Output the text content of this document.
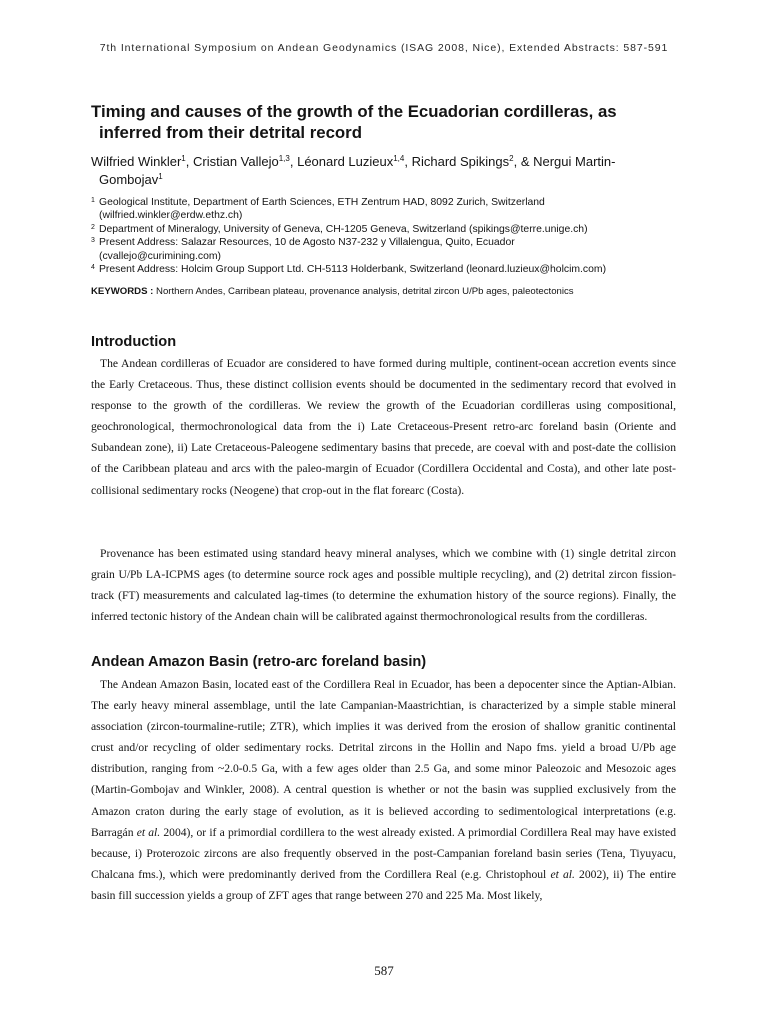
7th International Symposium on Andean Geodynamics (ISAG 2008, Nice), Extended Abstracts: 587-591
Timing and causes of the growth of the Ecuadorian cordilleras, as
inferred from their detrital record
Wilfried Winkler$^1$, Cristian Vallejo$^{1,3}$, Léonard Luzieux$^{1,4}$, Richard Spikings$^2$, & Nergui Martin-
Gombojav$^1$
1 Geological Institute, Department of Earth Sciences, ETH Zentrum HAD, 8092 Zurich, Switzerland
(wilfried.winkler@erdw.ethz.ch)
2 Department of Mineralogy, University of Geneva, CH-1205 Geneva, Switzerland (spikings@terre.unige.ch)
3 Present Address: Salazar Resources, 10 de Agosto N37-232 y Villalengua, Quito, Ecuador
(cvallejo@curimining.com)
4 Present Address: Holcim Group Support Ltd. CH-5113 Holderbank, Switzerland (leonard.luzieux@holcim.com)
KEYWORDS : Northern Andes, Carribean plateau, provenance analysis, detrital zircon U/Pb ages, paleotectonics
Introduction
The Andean cordilleras of Ecuador are considered to have formed during multiple, continent-ocean accretion events since the Early Cretaceous. Thus, these distinct collision events should be documented in the sedimentary record that evolved in response to the growth of the cordilleras. We review the growth of the Ecuadorian cordilleras using compositional, geochronological, thermochronological data from the i) Late Cretaceous-Present retro-arc foreland basin (Oriente and Subandean zone), ii) Late Cretaceous-Paleogene sedimentary basins that precede, are coeval with and post-date the collision of the Caribbean plateau and arcs with the paleo-margin of Ecuador (Cordillera Occidental and Costa), and other late post-collisional sedimentary rocks (Neogene) that crop-out in the flat forearc (Costa).
Provenance has been estimated using standard heavy mineral analyses, which we combine with (1) single detrital zircon grain U/Pb LA-ICPMS ages (to determine source rock ages and possible multiple recycling), and (2) detrital zircon fission-track (FT) measurements and calculated lag-times (to determine the exhumation history of the source regions). Finally, the inferred tectonic history of the Andean chain will be calibrated against thermochronological results from the cordilleras.
Andean Amazon Basin (retro-arc foreland basin)
The Andean Amazon Basin, located east of the Cordillera Real in Ecuador, has been a depocenter since the Aptian-Albian. The early heavy mineral assemblage, until the late Campanian-Maastrichtian, is characterized by a simple stable mineral association (zircon-tourmaline-rutile; ZTR), which implies it was derived from the erosion of shallow granitic continental crust and/or recycling of older sedimentary rocks. Detrital zircons in the Hollin and Napo fms. yield a broad U/Pb age distribution, ranging from ~2.0-0.5 Ga, with a few ages older than 2.5 Ga, and some minor Paleozoic and Mesozoic ages (Martin-Gombojav and Winkler, 2008). A central question is whether or not the basin was supplied exclusively from the Amazon craton during the early stage of evolution, as it is believed according to sedimentological interpretations (e.g. Barragán et al. 2004), or if a primordial cordillera to the west already existed. A primordial Cordillera Real may have existed because, i) Proterozoic zircons are also frequently observed in the post-Campanian foreland basin series (Tena, Tiyuyacu, Chalcana fms.), which were predominantly derived from the Cordillera Real (e.g. Christophoul et al. 2002), ii) The entire basin fill succession yields a group of ZFT ages that range between 270 and 225 Ma. Most likely,
587
